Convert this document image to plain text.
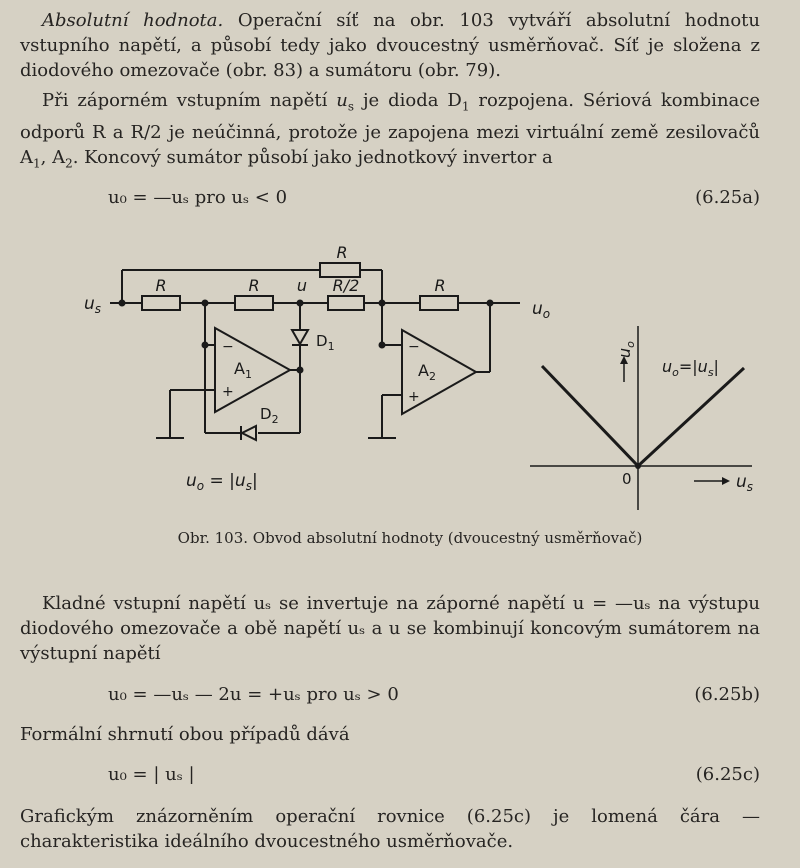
Absolutní hodnota. Operační síť na obr. 103 vytváří absolutní hodnotu vstupního napětí, a působí tedy jako dvoucestný usměrňovač. Síť je složena z diodového omezovače (obr. 83) a sumátoru (obr. 79).

Při záporném vstupním napětí $u_s$ je dioda $D_1$ rozpojena. Sériová kombinace odporů R a R/2 je neúčinná, protože je zapojena mezi virtuální země zesilovačů $A_1$, $A_2$. Koncový sumátor působí jako jednotkový invertor a

u₀ = —uₛ pro uₛ < 0	(6.25a)
R
R	R u R/2	R
$u_s$	$u_o$
$D_1$
$D_2$
$A_1$	$A_2$
−
+
−
+
$u_o = |u_s|$
$u_o$
$u_s$
0
$u_o=|u_s|$
Obr. 103. Obvod absolutní hodnoty (dvoucestný usměrňovač)

Kladné vstupní napětí uₛ se invertuje na záporné napětí u = —uₛ na výstupu diodového omezovače a obě napětí uₛ a u se kombinují koncovým sumátorem na výstupní napětí

u₀ = —uₛ — 2u = +uₛ pro uₛ > 0	(6.25b)

Formální shrnutí obou případů dává

u₀ = | uₛ |	(6.25c)

Grafickým znázorněním operační rovnice (6.25c) je lomená čára — charakteristika ideálního dvoucestného usměrňovače.
